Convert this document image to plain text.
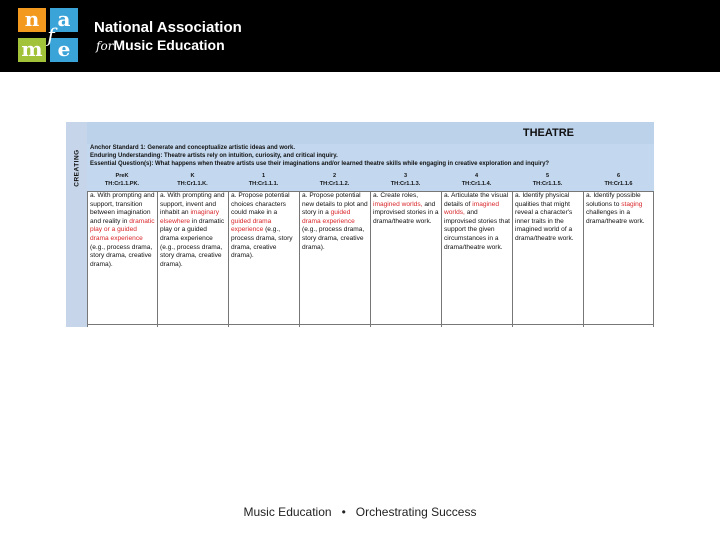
n a
m e
f	National Association
forMusic Education
CREATING
THEATRE
Anchor Standard 1: Generate and conceptualize artistic ideas and work.
Enduring Understanding: Theatre artists rely on intuition, curiosity, and critical inquiry.
Essential Question(s): What happens when theatre artists use their imaginations and/or learned theatre skills while engaging in creative exploration and inquiry?
PreK
TH:Cr1.1.PK.
K
TH:Cr1.1.K.
1
TH:Cr1.1.1.
2
TH:Cr1.1.2.
3
TH:Cr1.1.3.
4
TH:Cr1.1.4.
5
TH:Cr1.1.5.
6
TH:Cr1.1.6
a. With prompting and support, transition between imagination and reality in dramatic play or a guided drama experience (e.g., process drama, story drama, creative drama).
a. With prompting and support, invent and inhabit an imaginary elsewhere in dramatic play or a guided drama experience (e.g., process drama, story drama, creative drama).
a. Propose potential choices characters could make in a guided drama experience (e.g., process drama, story drama, creative drama).
a. Propose potential new details to plot and story in a guided drama experience (e.g., process drama, story drama, creative drama).
a. Create roles, imagined worlds, and improvised stories in a drama/theatre work.
a. Articulate the visual details of imagined worlds, and improvised stories that support the given circumstances in a drama/theatre work.
a. Identify physical qualities that might reveal a character's inner traits in the imagined world of a drama/theatre work.
a. Identify possible solutions to staging challenges in a drama/theatre work.
Music Education • Orchestrating Success
